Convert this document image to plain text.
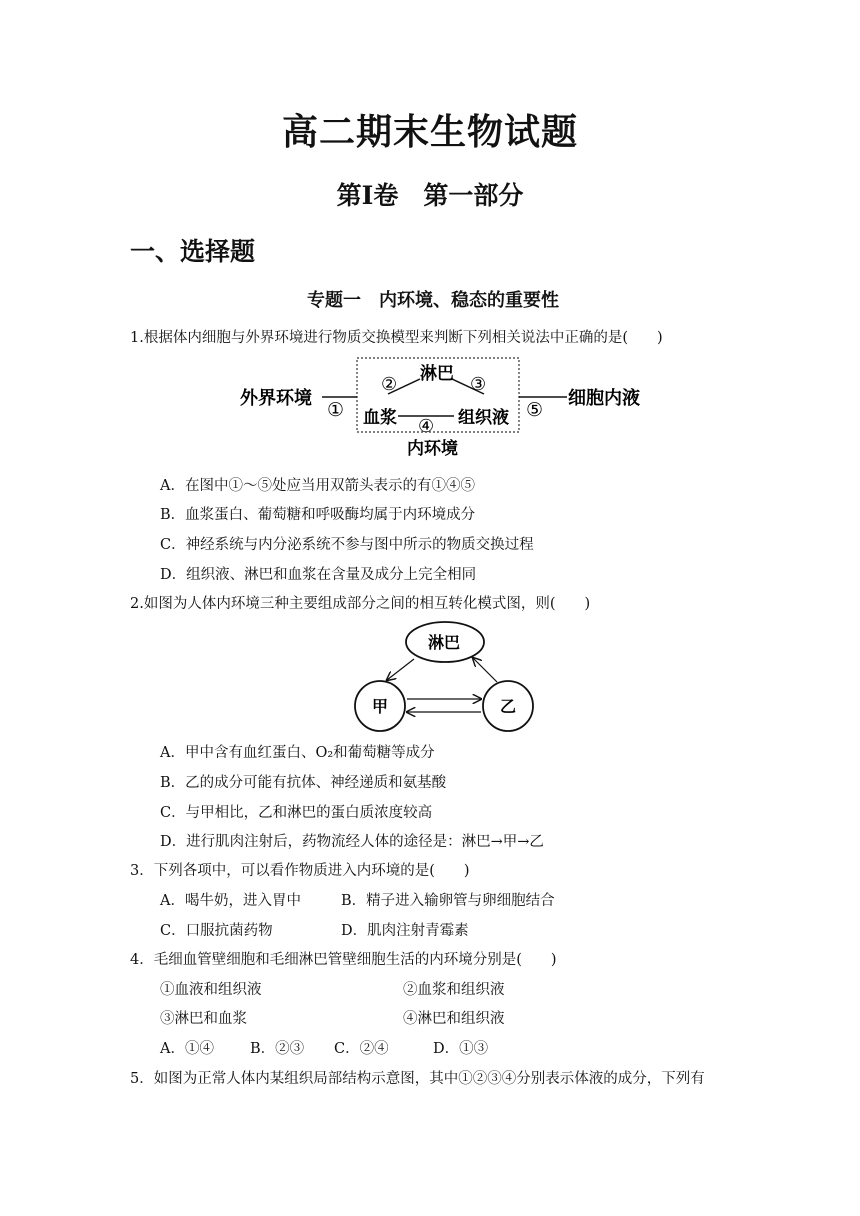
高二期末生物试题
第Ⅰ卷　第一部分
一、选择题
专题一　内环境、稳态的重要性
1.根据体内细胞与外界环境进行物质交换模型来判断下列相关说法中正确的是(　　)
外界环境
①
淋巴
②	③
血浆 ④ 组织液 ⑤
细胞内液
内环境
A．在图中①～⑤处应当用双箭头表示的有①④⑤
B．血浆蛋白、葡萄糖和呼吸酶均属于内环境成分
C．神经系统与内分泌系统不参与图中所示的物质交换过程
D．组织液、淋巴和血浆在含量及成分上完全相同
2.如图为人体内环境三种主要组成部分之间的相互转化模式图，则(　　)
淋巴
甲	乙
A．甲中含有血红蛋白、O₂和葡萄糖等成分
B．乙的成分可能有抗体、神经递质和氨基酸
C．与甲相比，乙和淋巴的蛋白质浓度较高
D．进行肌肉注射后，药物流经人体的途径是：淋巴→甲→乙
3．下列各项中，可以看作物质进入内环境的是(　　)
A．喝牛奶，进入胃中	B．精子进入输卵管与卵细胞结合
C．口服抗菌药物	D．肌肉注射青霉素
4．毛细血管壁细胞和毛细淋巴管壁细胞生活的内环境分别是(　　)
①血液和组织液	②血浆和组织液
③淋巴和血浆	④淋巴和组织液
A．①④ B．②③ C．②④	D．①③
5．如图为正常人体内某组织局部结构示意图，其中①②③④分别表示体液的成分，下列有
